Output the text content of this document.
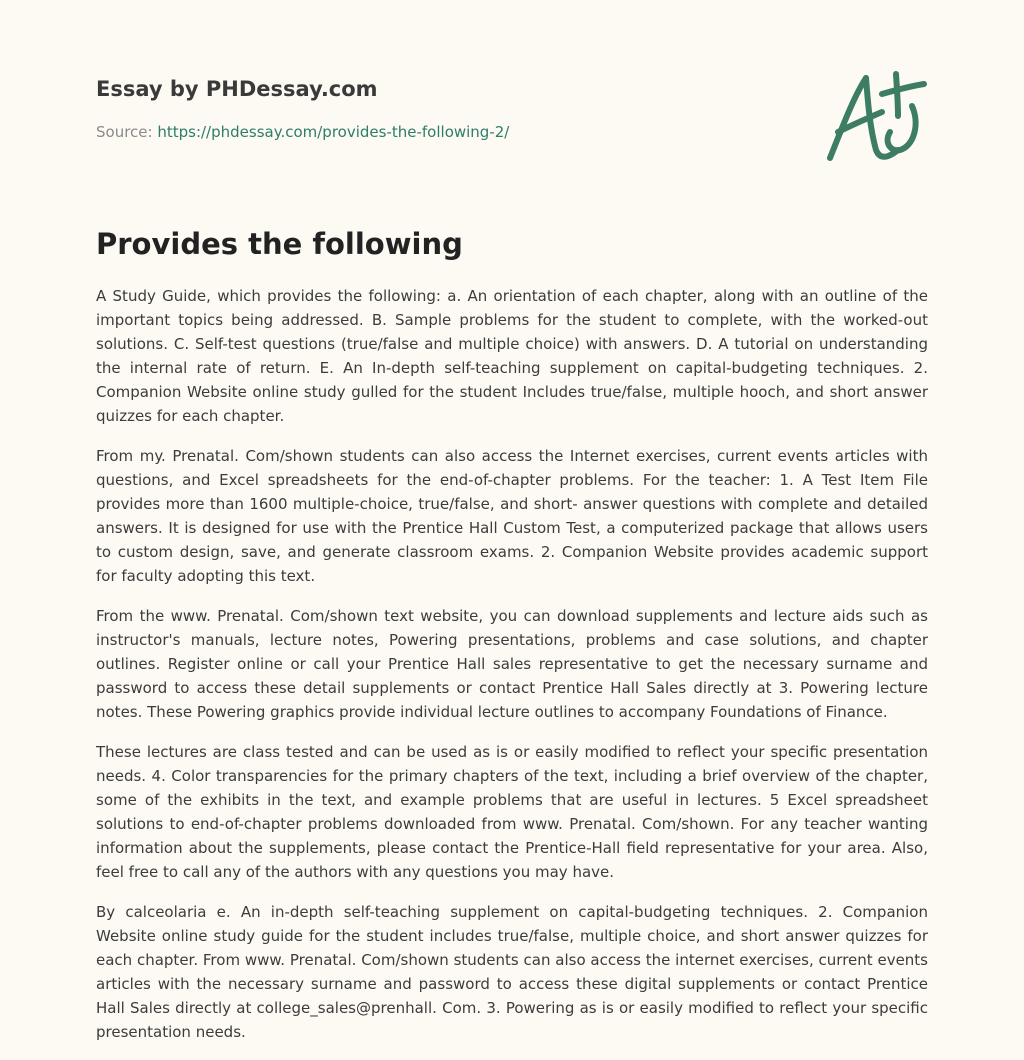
Essay by PHDessay.com
Source: https://phdessay.com/provides-the-following-2/
Provides the following

A Study Guide, which provides the following: a. An orientation of each chapter, along with an outline of the important topics being addressed. B. Sample problems for the student to complete, with the worked-out solutions. C. Self-test questions (true/false and multiple choice) with answers. D. A tutorial on understanding the internal rate of return. E. An In-depth self-teaching supplement on capital-budgeting techniques. 2. Companion Website online study gulled for the student Includes true/false, multiple hooch, and short answer quizzes for each chapter.

From my. Prenatal. Com/shown students can also access the Internet exercises, current events articles with questions, and Excel spreadsheets for the end-of-chapter problems. For the teacher: 1. A Test Item File provides more than 1600 multiple-choice, true/false, and short- answer questions with complete and detailed answers. It is designed for use with the Prentice Hall Custom Test, a computerized package that allows users to custom design, save, and generate classroom exams. 2. Companion Website provides academic support for faculty adopting this text.

From the www. Prenatal. Com/shown text website, you can download supplements and lecture aids such as instructor's manuals, lecture notes, Powering presentations, problems and case solutions, and chapter outlines. Register online or call your Prentice Hall sales representative to get the necessary surname and password to access these detail supplements or contact Prentice Hall Sales directly at 3. Powering lecture notes. These Powering graphics provide individual lecture outlines to accompany Foundations of Finance.

These lectures are class tested and can be used as is or easily modified to reflect your specific presentation needs. 4. Color transparencies for the primary chapters of the text, including a brief overview of the chapter, some of the exhibits in the text, and example problems that are useful in lectures. 5 Excel spreadsheet solutions to end-of-chapter problems downloaded from www. Prenatal. Com/shown. For any teacher wanting information about the supplements, please contact the Prentice-Hall field representative for your area. Also, feel free to call any of the authors with any questions you may have.

By calceolaria e. An in-depth self-teaching supplement on capital-budgeting techniques. 2. Companion Website online study guide for the student includes true/false, multiple choice, and short answer quizzes for each chapter. From www. Prenatal. Com/shown students can also access the internet exercises, current events articles with the necessary surname and password to access these digital supplements or contact Prentice Hall Sales directly at college_sales@prenhall. Com. 3. Powering as is or easily modified to reflect your specific presentation needs.
